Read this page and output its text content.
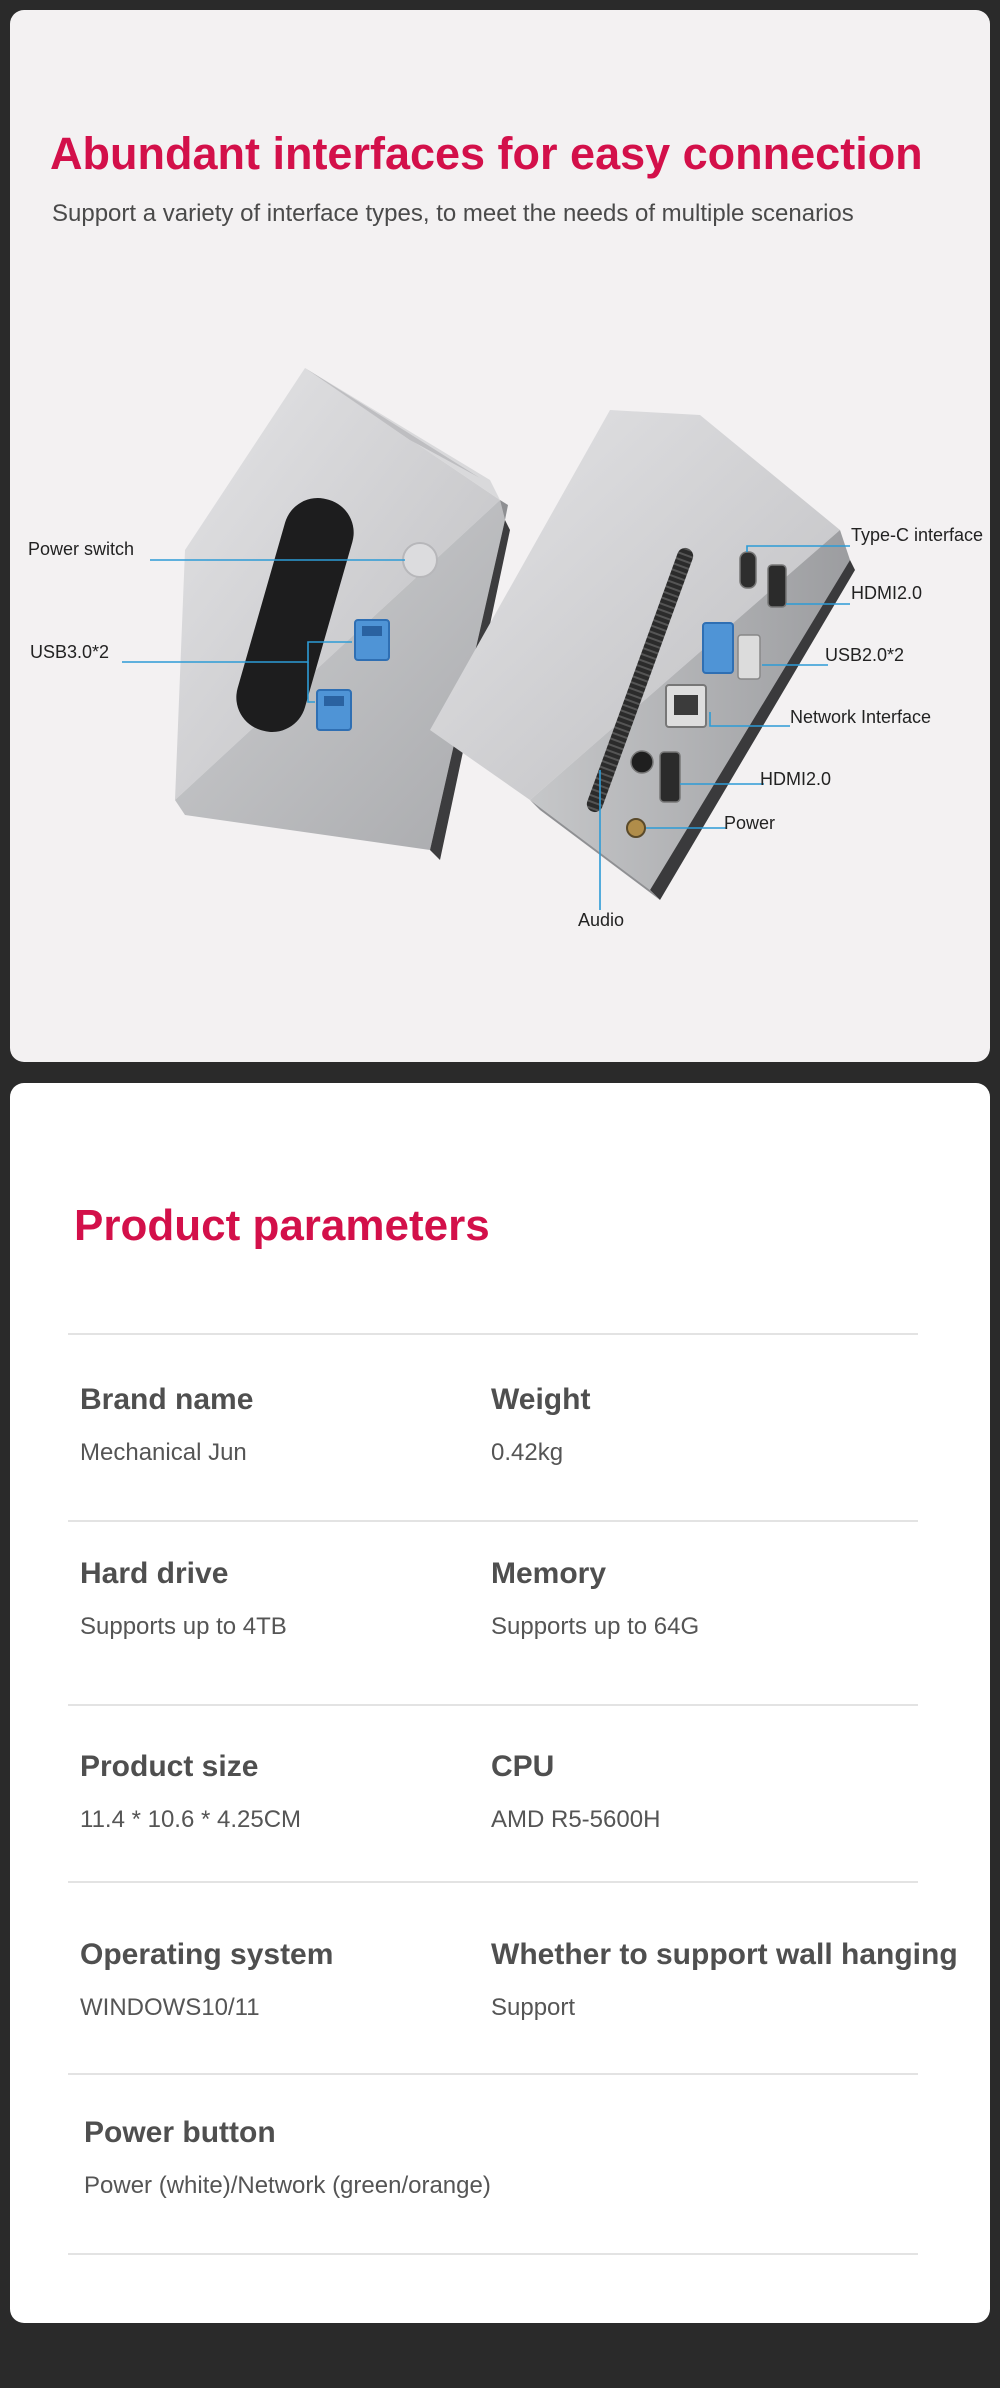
Abundant interfaces for easy connection

Support a variety of interface types, to meet the needs of multiple scenarios

Power switch
USB3.0*2
Type-C interface
HDMI2.0
USB2.0*2
Network Interface
HDMI2.0
Power
Audio
Product parameters
Brand name
Mechanical Jun
Weight
0.42kg
Hard drive
Supports up to 4TB
Memory
Supports up to 64G
Product size
11.4 * 10.6 * 4.25CM
CPU
AMD R5-5600H
Operating system
WINDOWS10/11
Whether to support wall hanging
Support
Power button
Power (white)/Network (green/orange)
